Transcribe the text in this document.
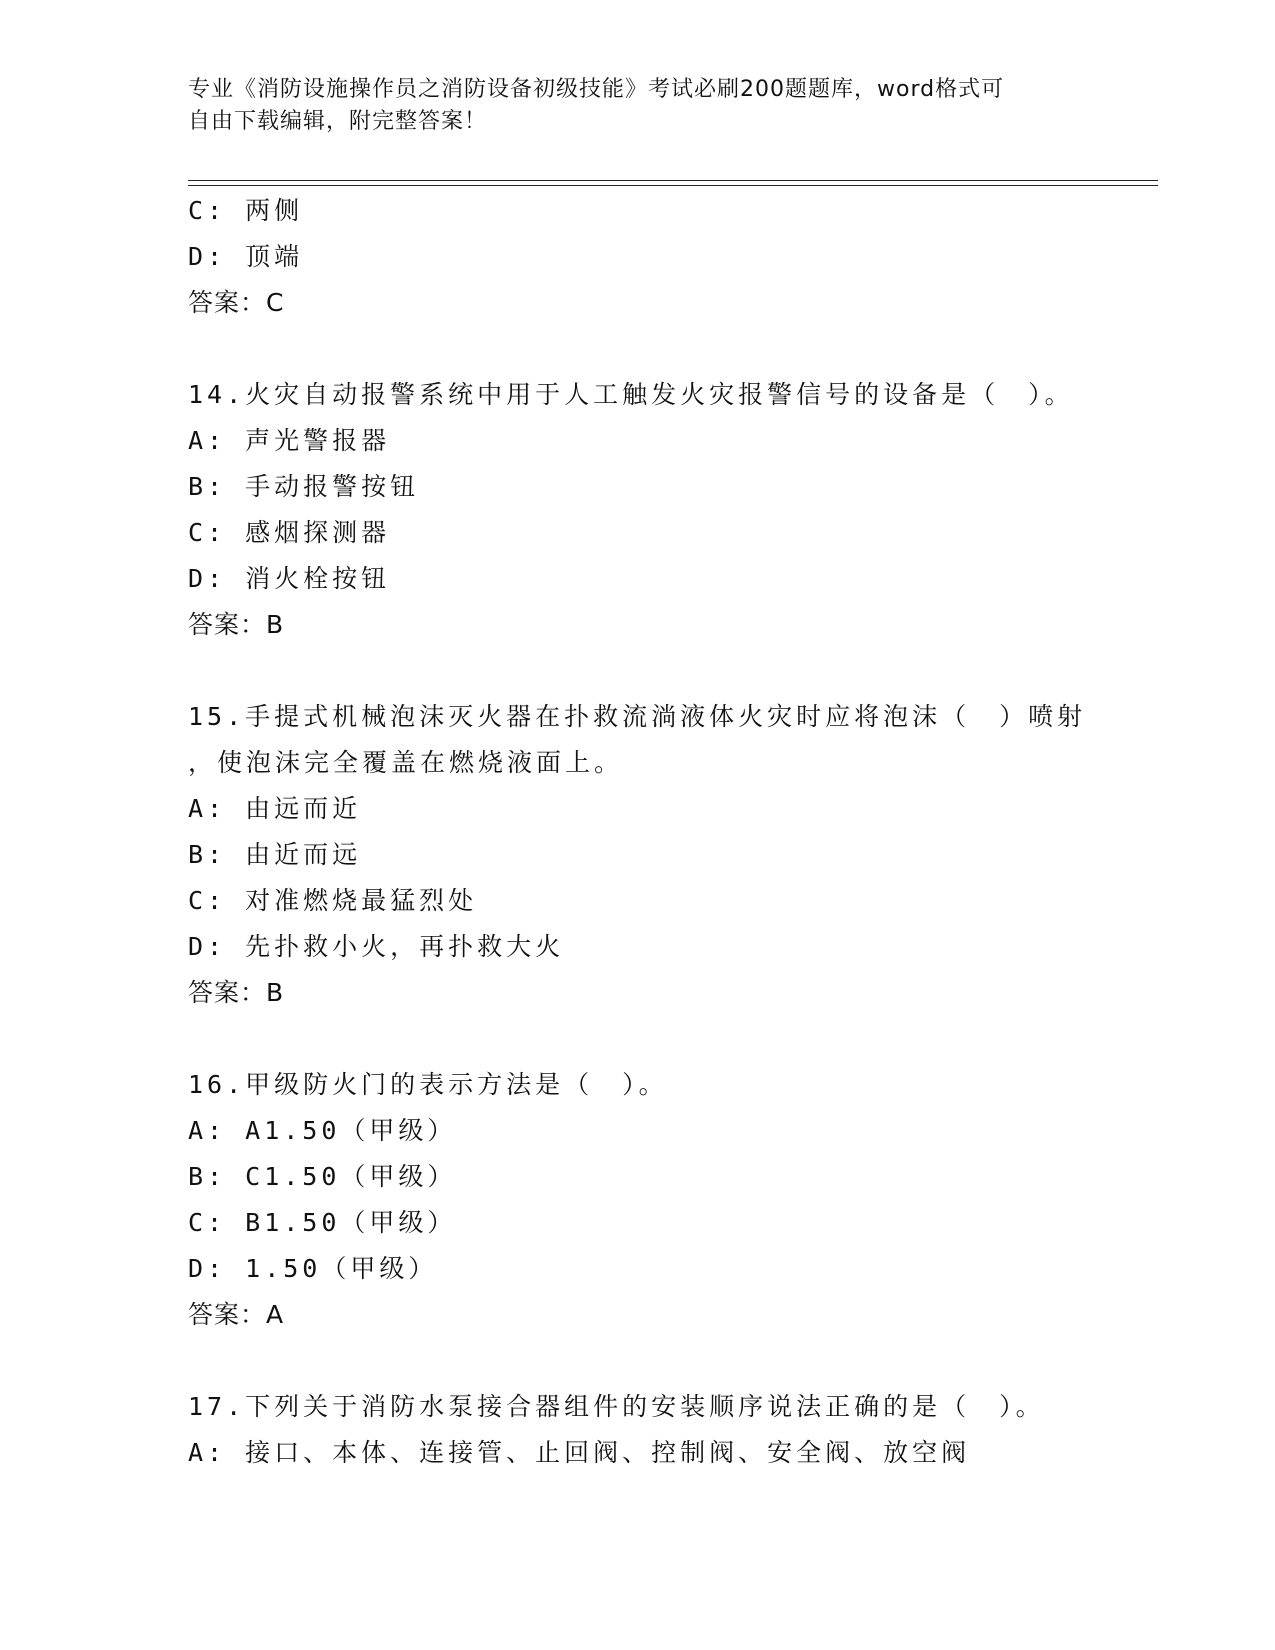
专业《消防设施操作员之消防设备初级技能》考试必刷200题题库，word格式可
自由下载编辑，附完整答案！
C: 两侧
D: 顶端
答案：C
14.火灾自动报警系统中用于人工触发火灾报警信号的设备是（　）。
A: 声光警报器
B: 手动报警按钮
C: 感烟探测器
D: 消火栓按钮
答案：B
15.手提式机械泡沫灭火器在扑救流淌液体火灾时应将泡沫（　）喷射
，使泡沫完全覆盖在燃烧液面上。
A: 由远而近
B: 由近而远
C: 对准燃烧最猛烈处
D: 先扑救小火，再扑救大火
答案：B
16.甲级防火门的表示方法是（　）。
A: A1.50（甲级）
B: C1.50（甲级）
C: B1.50（甲级）
D: 1.50（甲级）
答案：A
17.下列关于消防水泵接合器组件的安装顺序说法正确的是（　）。
A: 接口、本体、连接管、止回阀、控制阀、安全阀、放空阀
